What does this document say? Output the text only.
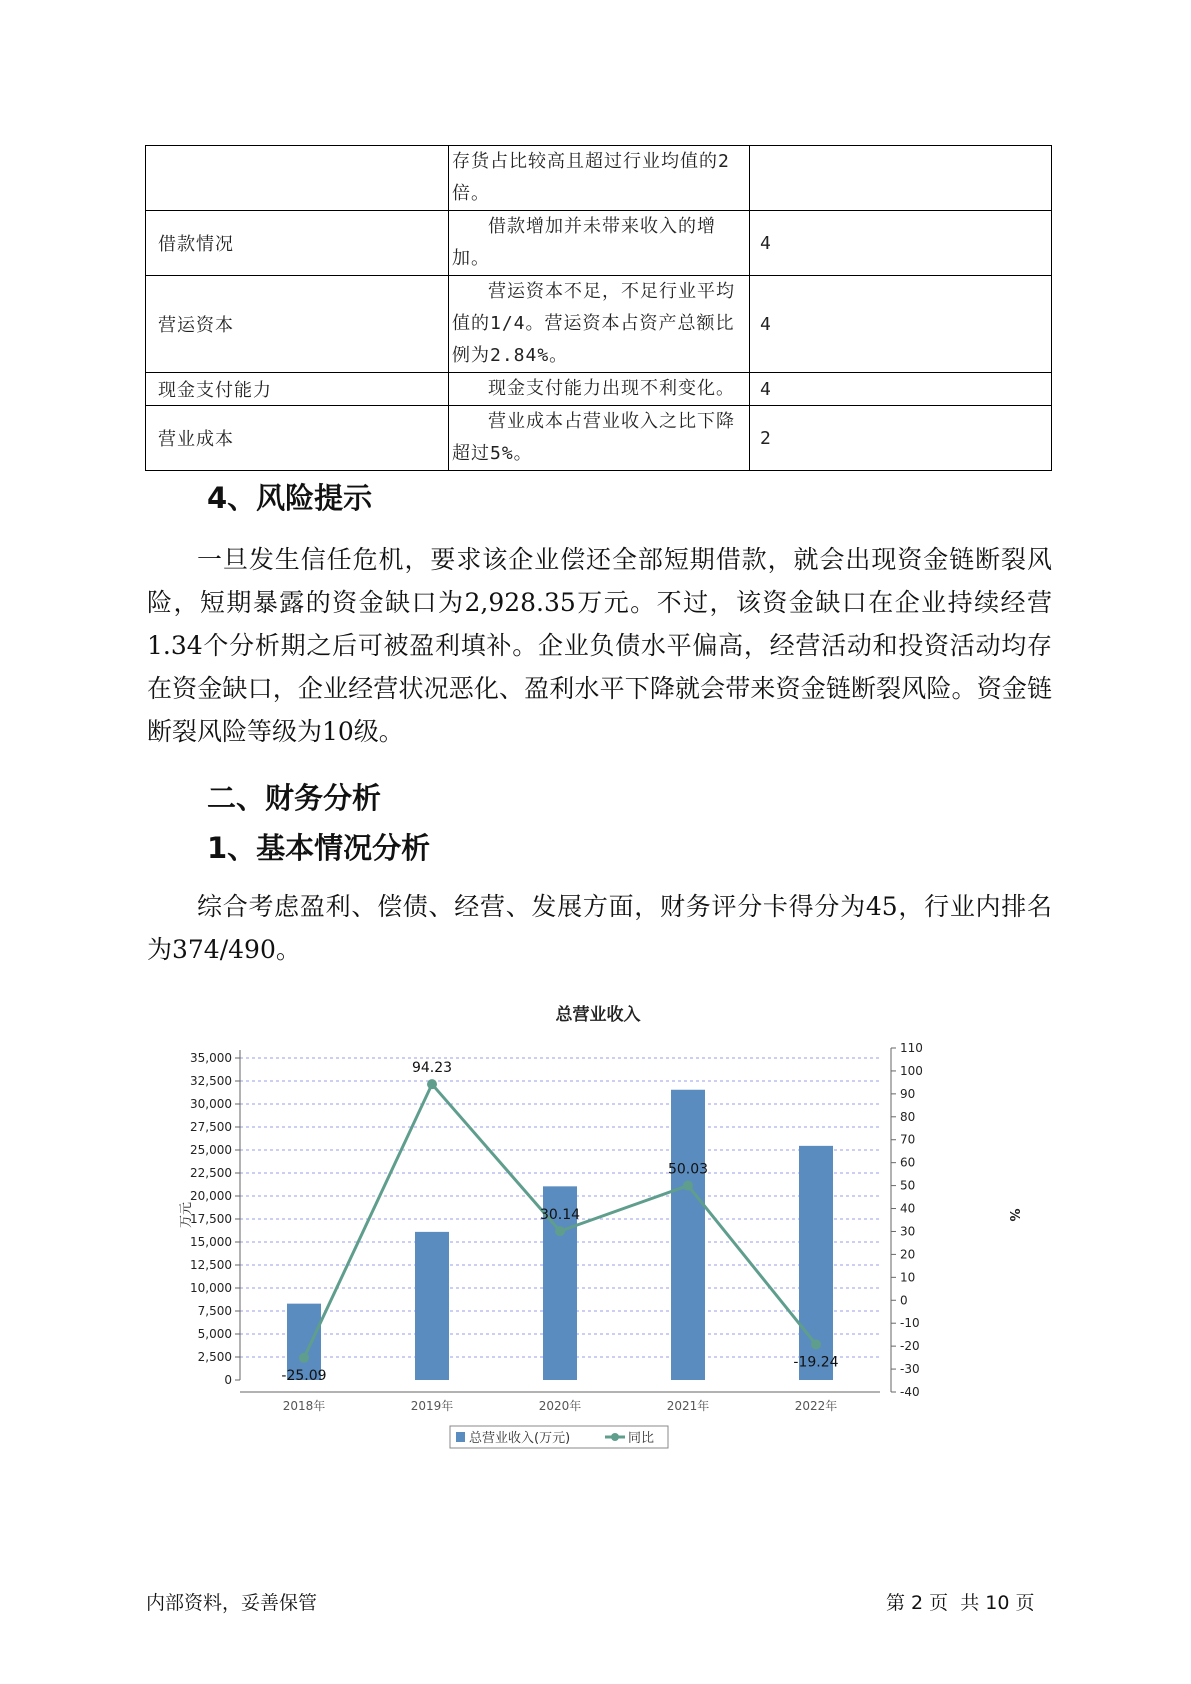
	存货占比较高且超过行业均值的2倍。	
借款情况	借款增加并未带来收入的增加。	4
营运资本	营运资本不足，不足行业平均值的1/4。营运资本占资产总额比例为2.84%。	4
现金支付能力	现金支付能力出现不利变化。	4
营业成本	营业成本占营业收入之比下降超过5%。	2
4、风险提示

一旦发生信任危机，要求该企业偿还全部短期借款，就会出现资金链断裂风险，短期暴露的资金缺口为2,928.35万元。不过，该资金缺口在企业持续经营 1.34个分析期之后可被盈利填补。企业负债水平偏高，经营活动和投资活动均存在资金缺口，企业经营状况恶化、盈利水平下降就会带来资金链断裂风险。资金链断裂风险等级为10级。

二、财务分析
1、基本情况分析

综合考虑盈利、偿债、经营、发展方面，财务评分卡得分为45，行业内排名为374/490。

总营业收入
万元	%
0
2,500
5,000
7,500
10,000
12,500
15,000
17,500
20,000
22,500
25,000
27,500
30,000
32,500
35,000
-40
-30
-20
-10
0
10
20
30
40
50
60
70
80
90
100
110
2018年	2019年	2020年	2021年	2022年
-25.09
94.23
30.14
50.03
-19.24
总营业收入(万元)	同比
内部资料，妥善保管	第 2 页  共 10 页
